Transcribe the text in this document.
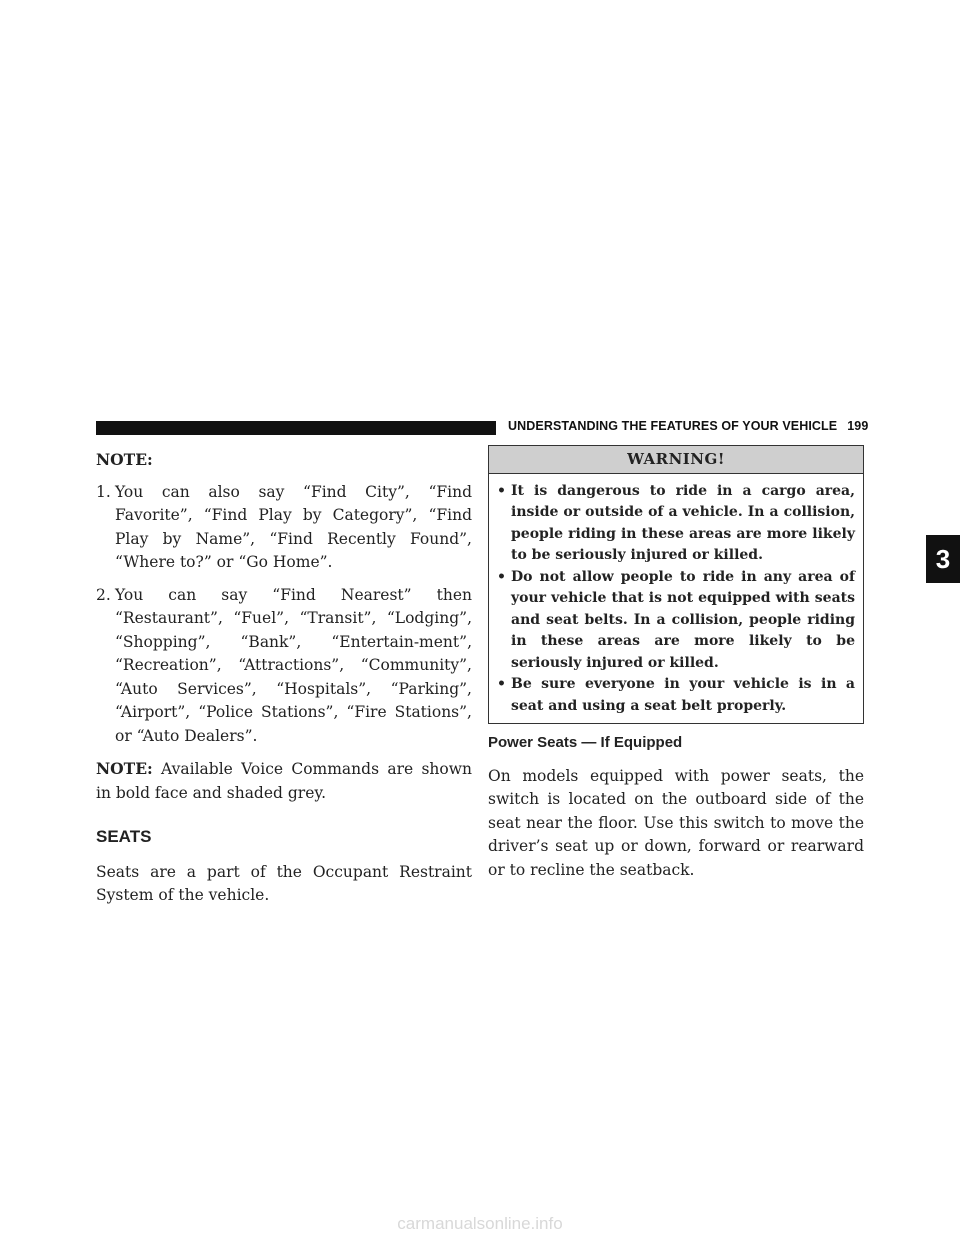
UNDERSTANDING THE FEATURES OF YOUR VEHICLE 199

NOTE:

1. You can also say “Find City”, “Find Favorite”, “Find Play by Category”, “Find Play by Name”, “Find Recently Found”, “Where to?” or “Go Home”.
2. You can say “Find Nearest” then “Restaurant”, “Fuel”, “Transit”, “Lodging”, “Shopping”, “Bank”, “Entertain-ment”, “Recreation”, “Attractions”, “Community”, “Auto Services”, “Hospitals”, “Parking”, “Airport”, “Police Stations”, “Fire Stations”, or “Auto Dealers”.

NOTE: Available Voice Commands are shown in bold face and shaded grey.

SEATS

Seats are a part of the Occupant Restraint System of the vehicle.

WARNING!
• It is dangerous to ride in a cargo area, inside or outside of a vehicle. In a collision, people riding in these areas are more likely to be seriously injured or killed.
• Do not allow people to ride in any area of your vehicle that is not equipped with seats and seat belts. In a collision, people riding in these areas are more likely to be seriously injured or killed.
• Be sure everyone in your vehicle is in a seat and using a seat belt properly.
Power Seats — If Equipped

On models equipped with power seats, the switch is located on the outboard side of the seat near the floor. Use this switch to move the driver’s seat up or down, forward or rearward or to recline the seatback.

3
carmanualsonline.info
